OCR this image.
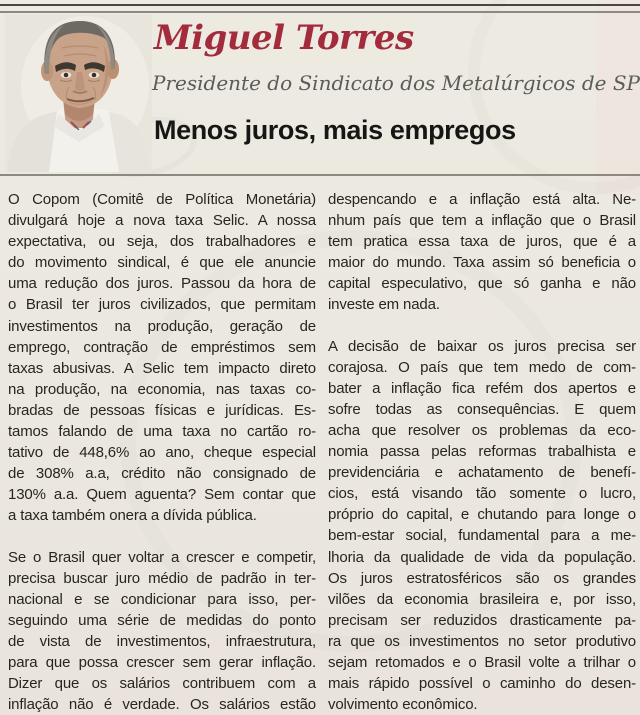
Miguel Torres

Presidente do Sindicato dos Metalúrgicos de SP

Menos juros, mais empregos
O Copom (Comitê de Política Monetária)
divulgará hoje a nova taxa Selic. A nossa
expectativa, ou seja, dos trabalhadores e
do movimento sindical, é que ele anuncie
uma redução dos juros. Passou da hora de
o Brasil ter juros civilizados, que permitam
investimentos na produção, geração de
emprego, contração de empréstimos sem
taxas abusivas. A Selic tem impacto direto
na produção, na economia, nas taxas co-
bradas de pessoas físicas e jurídicas. Es-
tamos falando de uma taxa no cartão ro-
tativo de 448,6% ao ano, cheque especial
de 308% a.a, crédito não consignado de
130% a.a. Quem aguenta? Sem contar que
a taxa também onera a dívida pública.
Se o Brasil quer voltar a crescer e competir,
precisa buscar juro médio de padrão in ter-
nacional e se condicionar para isso, per-
seguindo uma série de medidas do ponto
de vista de investimentos, infraestrutura,
para que possa crescer sem gerar inflação.
Dizer que os salários contribuem com a
inflação não é verdade. Os salários estão
despencando e a inflação está alta. Ne-
nhum país que tem a inflação que o Brasil
tem pratica essa taxa de juros, que é a
maior do mundo. Taxa assim só beneficia o
capital especulativo, que só ganha e não
investe em nada.
A decisão de baixar os juros precisa ser
corajosa. O país que tem medo de com-
bater a inflação fica refém dos apertos e
sofre todas as consequências. E quem
acha que resolver os problemas da eco-
nomia passa pelas reformas trabalhista e
previdenciária e achatamento de benefí-
cios, está visando tão somente o lucro,
próprio do capital, e chutando para longe o
bem-estar social, fundamental para a me-
lhoria da qualidade de vida da população.
Os juros estratosféricos são os grandes
vilões da economia brasileira e, por isso,
precisam ser reduzidos drasticamente pa-
ra que os investimentos no setor produtivo
sejam retomados e o Brasil volte a trilhar o
mais rápido possível o caminho do desen-
volvimento econômico.
